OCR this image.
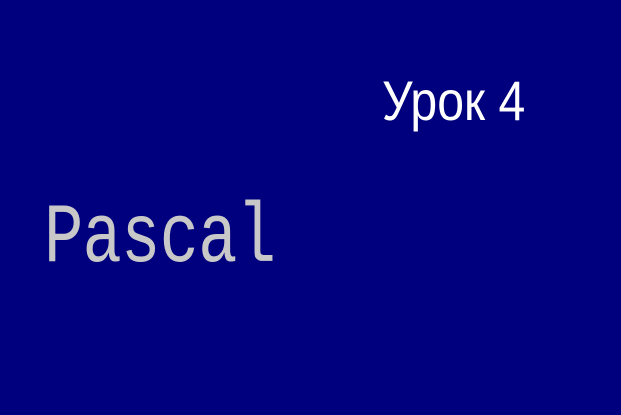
Урок 4
Pascal
